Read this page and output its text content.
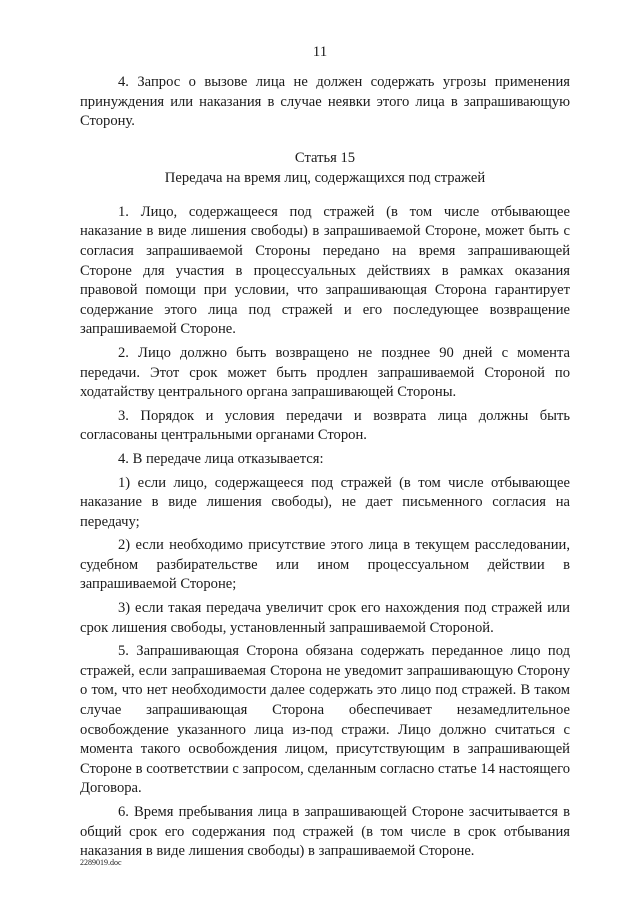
11

4. Запрос о вызове лица не должен содержать угрозы применения принуждения или наказания в случае неявки этого лица в запрашивающую Сторону.

Статья 15
Передача на время лиц, содержащихся под стражей

1. Лицо, содержащееся под стражей (в том числе отбывающее наказание в виде лишения свободы) в запрашиваемой Стороне, может быть с согласия запрашиваемой Стороны передано на время запрашивающей Стороне для участия в процессуальных действиях в рамках оказания правовой помощи при условии, что запрашивающая Сторона гарантирует содержание этого лица под стражей и его последующее возвращение запрашиваемой Стороне.

2. Лицо должно быть возвращено не позднее 90 дней с момента передачи. Этот срок может быть продлен запрашиваемой Стороной по ходатайству центрального органа запрашивающей Стороны.

3. Порядок и условия передачи и возврата лица должны быть согласованы центральными органами Сторон.

4. В передаче лица отказывается:

1) если лицо, содержащееся под стражей (в том числе отбывающее наказание в виде лишения свободы), не дает письменного согласия на передачу;

2) если необходимо присутствие этого лица в текущем расследовании, судебном разбирательстве или ином процессуальном действии в запрашиваемой Стороне;

3) если такая передача увеличит срок его нахождения под стражей или срок лишения свободы, установленный запрашиваемой Стороной.

5. Запрашивающая Сторона обязана содержать переданное лицо под стражей, если запрашиваемая Сторона не уведомит запрашивающую Сторону о том, что нет необходимости далее содержать это лицо под стражей. В таком случае запрашивающая Сторона обеспечивает незамедлительное освобождение указанного лица из-под стражи. Лицо должно считаться с момента такого освобождения лицом, присутствующим в запрашивающей Стороне в соответствии с запросом, сделанным согласно статье 14 настоящего Договора.

6. Время пребывания лица в запрашивающей Стороне засчитывается в общий срок его содержания под стражей (в том числе в срок отбывания наказания в виде лишения свободы) в запрашиваемой Стороне.

2289019.doc
